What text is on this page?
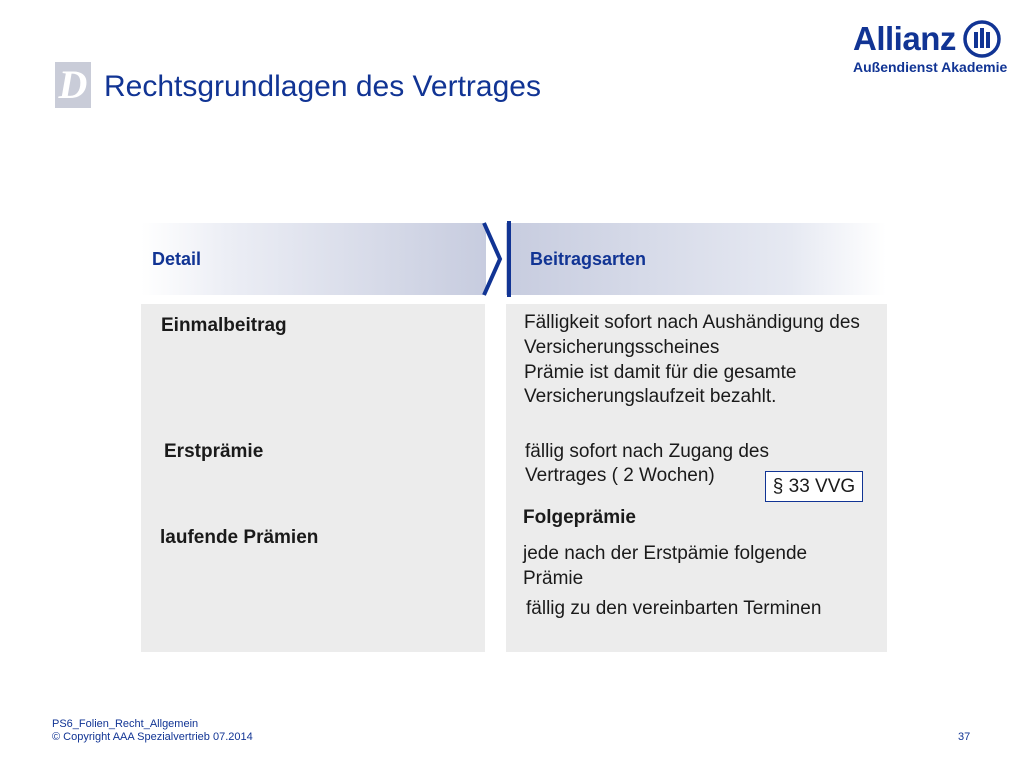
D Rechtsgrundlagen des Vertrages
Allianz
Außendienst Akademie
Detail	Beitragsarten
Einmalbeitrag
Erstprämie
laufende Prämien
Fälligkeit sofort nach Aushändigung des
Versicherungsscheines
Prämie ist damit für die gesamte
Versicherungslaufzeit bezahlt.
fällig sofort nach Zugang des
Vertrages ( 2 Wochen)
§ 33 VVG
Folgeprämie
jede nach der Erstpämie folgende
Prämie
fällig zu den vereinbarten Terminen
PS6_Folien_Recht_Allgemein
© Copyright AAA Spezialvertrieb 07.2014	37
